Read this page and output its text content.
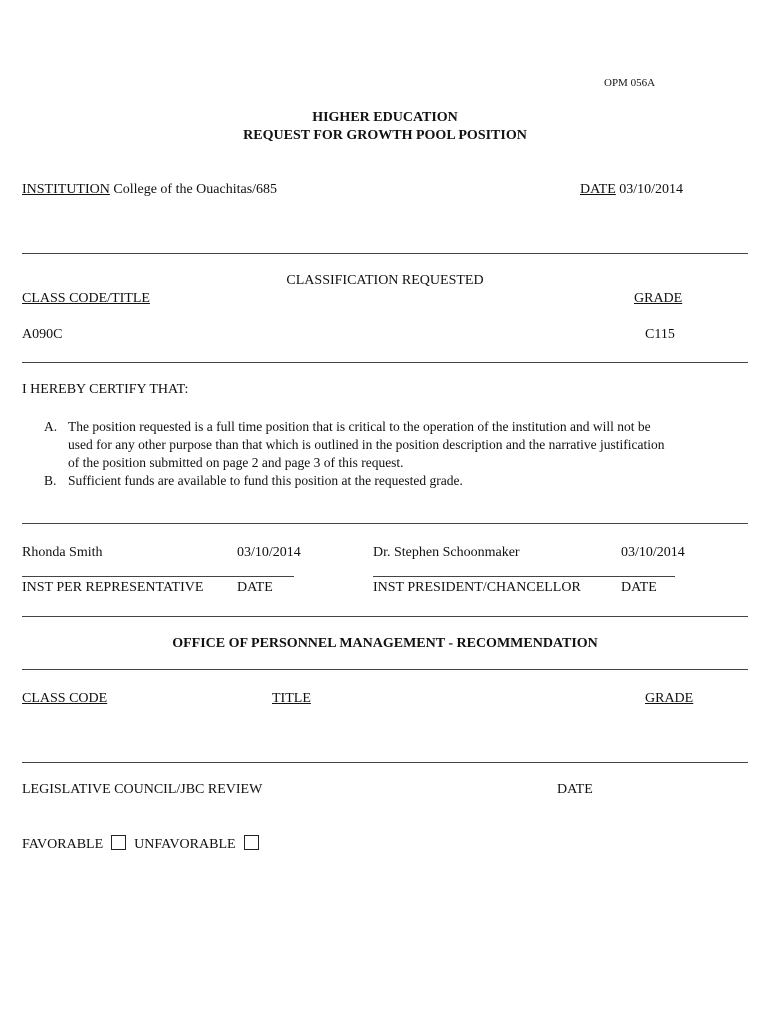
OPM 056A
HIGHER EDUCATION
REQUEST FOR GROWTH POOL POSITION
INSTITUTION College of the Ouachitas/685	DATE 03/10/2014
CLASSIFICATION REQUESTED
CLASS CODE/TITLE	GRADE
A090C	C115
I HEREBY CERTIFY THAT:
A. The position requested is a full time position that is critical to the operation of the institution and will not be
used for any other purpose than that which is outlined in the position description and the narrative justification
of the position submitted on page 2 and page 3 of this request.
B. Sufficient funds are available to fund this position at the requested grade.
Rhonda Smith	03/10/2014	Dr. Stephen Schoonmaker	03/10/2014
INST PER REPRESENTATIVE DATE	INST PRESIDENT/CHANCELLOR	DATE
OFFICE OF PERSONNEL MANAGEMENT - RECOMMENDATION
CLASS CODE	TITLE	GRADE
LEGISLATIVE COUNCIL/JBC REVIEW	DATE
FAVORABLE UNFAVORABLE
